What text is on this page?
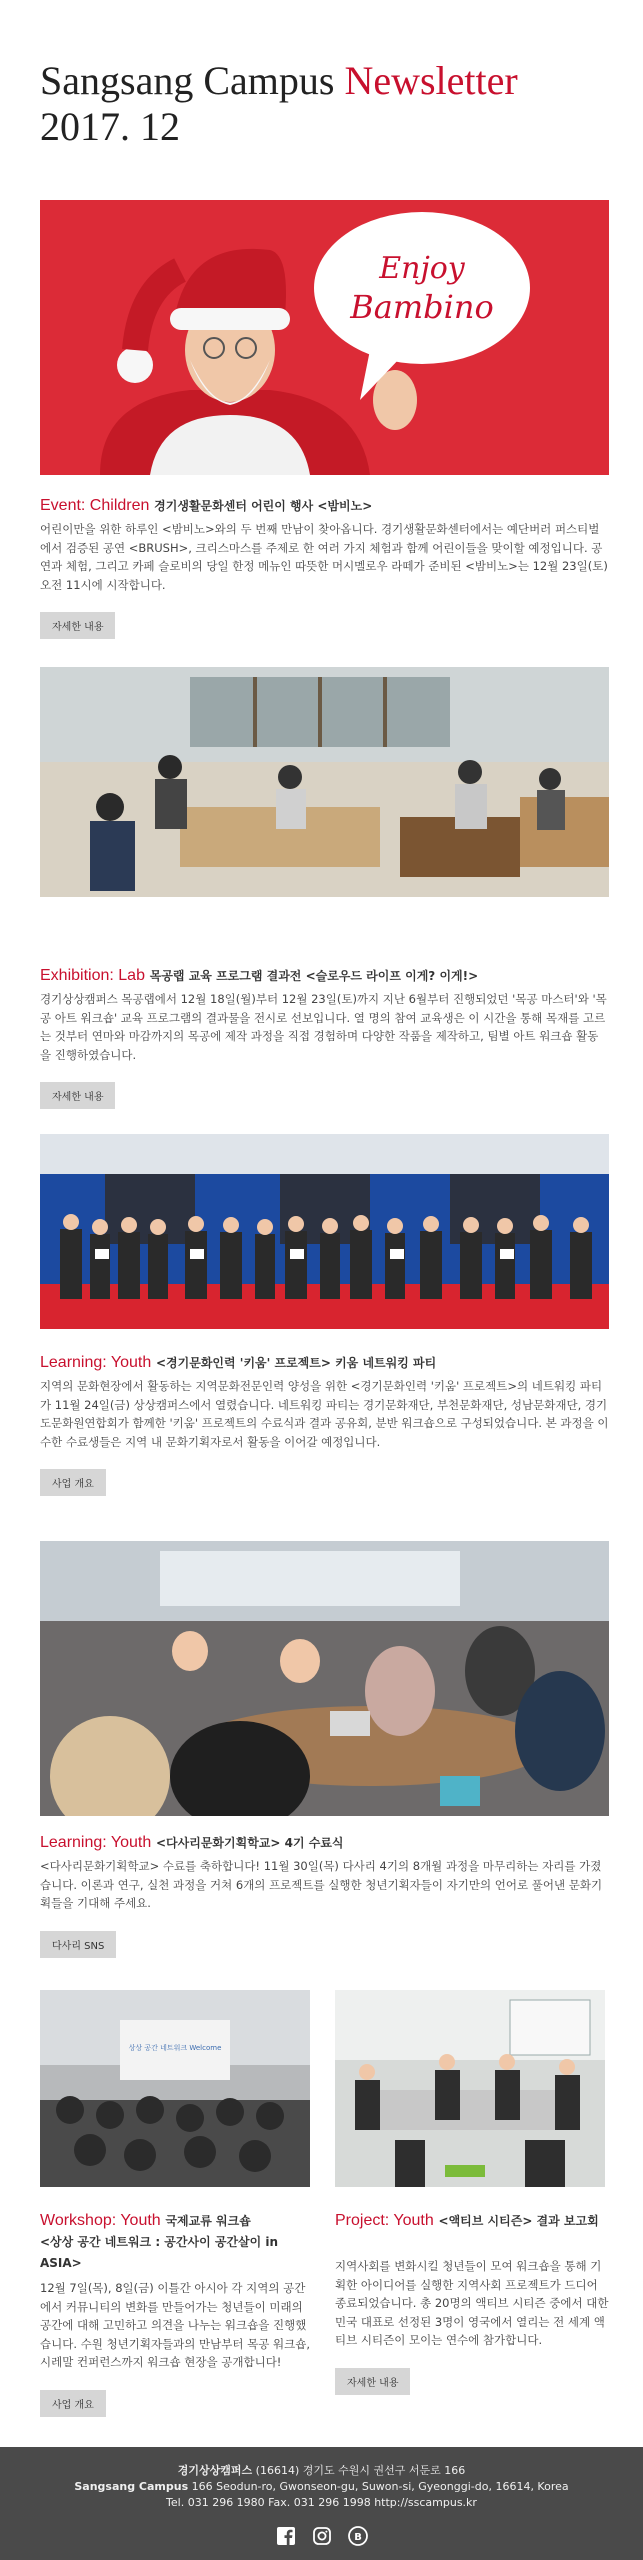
Sangsang Campus Newsletter
2017. 12
Enjoy
Bambino
Event: Children 경기생활문화센터 어린이 행사 <밤비노>
어린이만을 위한 하루인 <밤비노>와의 두 번째 만남이 찾아옵니다. 경기생활문화센터에서는 예단버러 퍼스티벌에서 검증된 공연 <BRUSH>, 크리스마스를 주제로 한 여러 가지 체험과 함께 어린이들을 맞이할 예정입니다. 공연과 체험, 그리고 카페 슬로비의 당일 한정 메뉴인 따뜻한 머시멜로우 라떼가 준비된 <밤비노>는 12월 23일(토) 오전 11시에 시작합니다.
자세한 내용
Exhibition: Lab 목공랩 교육 프로그램 결과전 <슬로우드 라이프 이게? 이게!>
경기상상캠퍼스 목공랩에서 12월 18일(월)부터 12월 23일(토)까지 지난 6월부터 진행되었던 '목공 마스터'와 '목공 아트 워크숍' 교육 프로그램의 결과물을 전시로 선보입니다. 열 명의 참여 교육생은 이 시간을 통해 목재를 고르는 것부터 연마와 마감까지의 목공에 제작 과정을 직접 경험하며 다양한 작품을 제작하고, 팀별 아트 워크숍 활동을 진행하였습니다.
자세한 내용
Learning: Youth <경기문화인력 '키움' 프로젝트> 키움 네트워킹 파티
지역의 문화현장에서 활동하는 지역문화전문인력 양성을 위한 <경기문화인력 '키움' 프로젝트>의 네트워킹 파티가 11월 24일(금) 상상캠퍼스에서 열렸습니다. 네트워킹 파티는 경기문화재단, 부천문화재단, 성남문화재단, 경기도문화원연합회가 함께한 '키움' 프로젝트의 수료식과 결과 공유회, 분반 워크숍으로 구성되었습니다. 본 과정을 이수한 수료생들은 지역 내 문화기획자로서 활동을 이어갈 예정입니다.
사업 개요
Learning: Youth <다사리문화기획학교> 4기 수료식
<다사리문화기획학교> 수료를 축하합니다! 11월 30일(목) 다사리 4기의 8개월 과정을 마무리하는 자리를 가졌습니다. 이론과 연구, 실천 과정을 거쳐 6개의 프로젝트를 실행한 청년기획자들이 자기만의 언어로 풀어낸 문화기획들을 기대해 주세요.
다사리 SNS
상상 공간 네트워크 Welcome
Workshop: Youth 국제교류 워크숍
<상상 공간 네트워크 : 공간사이 공간살이 in ASIA>
12월 7일(목), 8일(금) 이틀간 아시아 각 지역의 공간에서 커뮤니티의 변화를 만들어가는 청년들이 미래의 공간에 대해 고민하고 의견을 나누는 워크숍을 진행했습니다. 수원 청년기획자들과의 만남부터 목공 워크숍, 시레말 컨퍼런스까지 워크숍 현장을 공개합니다!
사업 개요
Project: Youth <액티브 시티즌> 결과 보고회
지역사회를 변화시킬 청년들이 모여 워크숍을 통해 기획한 아이디어를 실행한 지역사회 프로젝트가 드디어 종료되었습니다. 총 20명의 액티브 시티즌 중에서 대한민국 대표로 선정된 3명이 영국에서 열리는 전 세계 액티브 시티즌이 모이는 연수에 참가합니다.
자세한 내용
경기상상캠퍼스 (16614) 경기도 수원시 권선구 서둔로 166
Sangsang Campus 166 Seodun-ro, Gwonseon-gu, Suwon-si, Gyeonggi-do, 16614, Korea
Tel. 031 296 1980 Fax. 031 296 1998 http://sscampus.kr
B
